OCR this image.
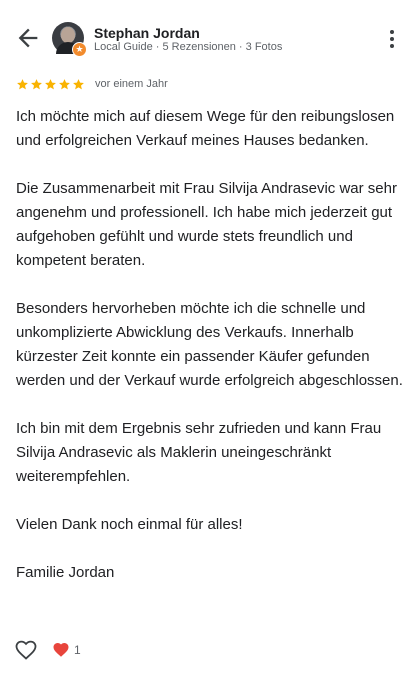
★
Stephan Jordan
Local Guide · 5 Rezensionen · 3 Fotos
vor einem Jahr

Ich möchte mich auf diesem Wege für den reibungslosen und erfolgreichen Verkauf meines Hauses bedanken.

Die Zusammenarbeit mit Frau Silvija Andrasevic war sehr angenehm und professionell. Ich habe mich jederzeit gut aufgehoben gefühlt und wurde stets freundlich und kompetent beraten.

Besonders hervorheben möchte ich die schnelle und unkomplizierte Abwicklung des Verkaufs. Innerhalb kürzester Zeit konnte ein passender Käufer gefunden werden und der Verkauf wurde erfolgreich abgeschlossen.

Ich bin mit dem Ergebnis sehr zufrieden und kann Frau Silvija Andrasevic als Maklerin uneingeschränkt weiterempfehlen.

Vielen Dank noch einmal für alles!

Familie Jordan

1
